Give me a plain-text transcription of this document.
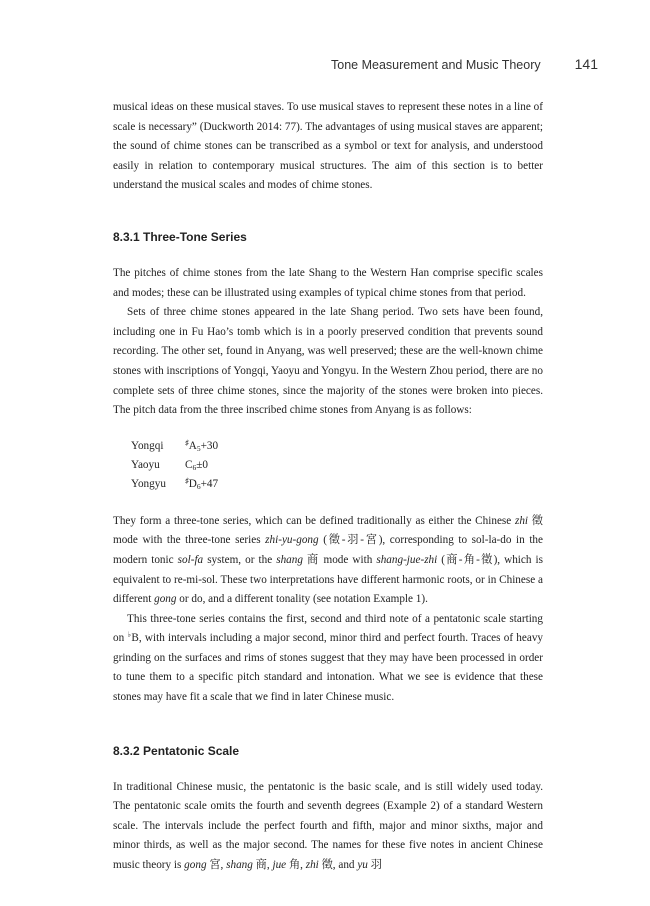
Tone Measurement and Music Theory 141

musical ideas on these musical staves. To use musical staves to represent these notes in a line of scale is necessary” (Duckworth 2014: 77). The advantages of using musical staves are apparent; the sound of chime stones can be transcribed as a symbol or text for analysis, and understood easily in relation to contemporary musical structures. The aim of this section is to better understand the musical scales and modes of chime stones.

8.3.1 Three-Tone Series

The pitches of chime stones from the late Shang to the Western Han comprise specific scales and modes; these can be illustrated using examples of typical chime stones from that period.

Sets of three chime stones appeared in the late Shang period. Two sets have been found, including one in Fu Hao’s tomb which is in a poorly preserved condition that prevents sound recording. The other set, found in Anyang, was well preserved; these are the well-known chime stones with inscriptions of Yongqi, Yaoyu and Yongyu. In the Western Zhou period, there are no complete sets of three chime stones, since the majority of the stones were broken into pieces. The pitch data from the three inscribed chime stones from Anyang is as follows:

Yongqi	$^♯A_5+30$
Yaoyu	$C_6\pm 0$
Yongyu	$^♯D_6+47$

They form a three-tone series, which can be defined traditionally as either the Chinese zhi 徵 mode with the three-tone series zhi-yu-gong (徵-羽-宮), corresponding to sol-la-do in the modern tonic sol-fa system, or the shang 商 mode with shang-jue-zhi (商-角-徵), which is equivalent to re-mi-sol. These two interpretations have different harmonic roots, or in Chinese a different gong or do, and a different tonality (see notation Example 1).

This three-tone series contains the first, second and third note of a pentatonic scale starting on ♭B, with intervals including a major second, minor third and perfect fourth. Traces of heavy grinding on the surfaces and rims of stones suggest that they may have been processed in order to tune them to a specific pitch standard and intonation. What we see is evidence that these stones may have fit a scale that we find in later Chinese music.

8.3.2 Pentatonic Scale

In traditional Chinese music, the pentatonic is the basic scale, and is still widely used today. The pentatonic scale omits the fourth and seventh degrees (Example 2) of a standard Western scale. The intervals include the perfect fourth and fifth, major and minor sixths, major and minor thirds, as well as the major second. The names for these five notes in ancient Chinese music theory is gong 宮, shang 商, jue 角, zhi 徵, and yu 羽
